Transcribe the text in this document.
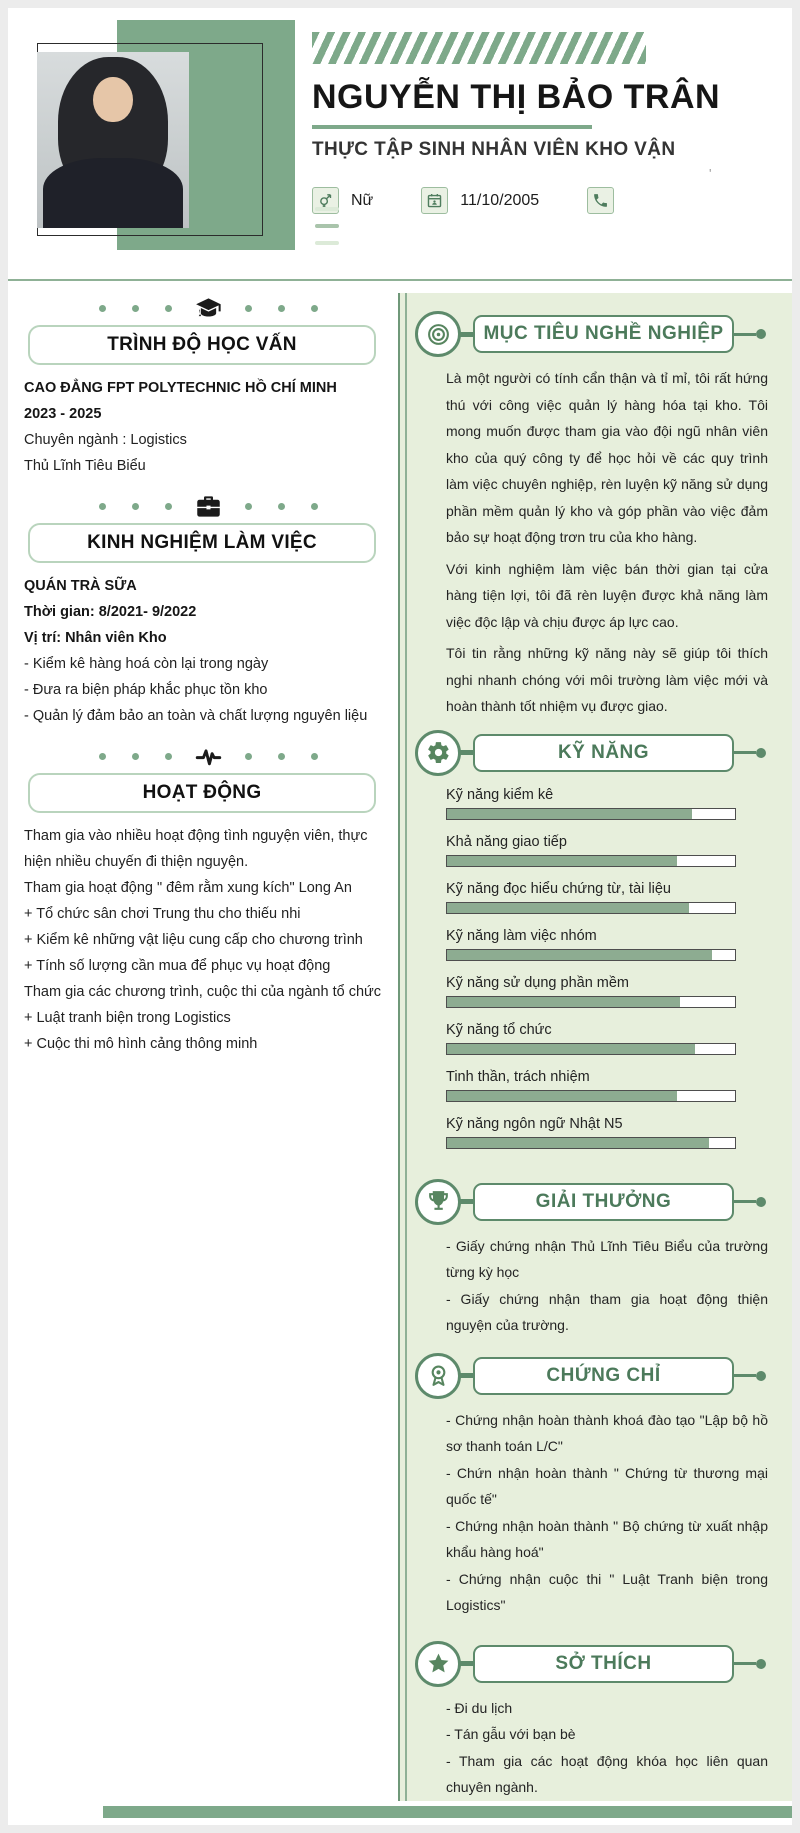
NGUYỄN THỊ BẢO TRÂN
THỰC TẬP SINH NHÂN VIÊN KHO VẬN
Nữ	11/10/2005
'
TRÌNH ĐỘ HỌC VẤN
CAO ĐẲNG FPT POLYTECHNIC HỒ CHÍ MINH
2023 - 2025
Chuyên ngành : Logistics
Thủ Lĩnh Tiêu Biểu
KINH NGHIỆM LÀM VIỆC
QUÁN TRÀ SỮA
Thời gian: 8/2021- 9/2022
Vị trí: Nhân viên Kho
- Kiểm kê hàng hoá còn lại trong ngày
- Đưa ra biện pháp khắc phục tồn kho
- Quản lý đảm bảo an toàn và chất lượng nguyên liệu
HOẠT ĐỘNG
Tham gia vào nhiều hoạt động tình nguyện viên, thực hiện nhiều chuyến đi thiện nguyện.
Tham gia hoạt động " đêm rằm xung kích" Long An
+ Tổ chức sân chơi Trung thu cho thiếu nhi
+ Kiểm kê những vật liệu cung cấp cho chương trình
+ Tính số lượng cần mua để phục vụ hoạt động
Tham gia các chương trình, cuộc thi của ngành tổ chức
+ Luật tranh biện trong Logistics
+ Cuộc thi mô hình cảng thông minh
MỤC TIÊU NGHỀ NGHIỆP

Là một người có tính cẩn thận và tỉ mỉ, tôi rất hứng thú với công việc quản lý hàng hóa tại kho. Tôi mong muốn được tham gia vào đội ngũ nhân viên kho của quý công ty để học hỏi về các quy trình làm việc chuyên nghiệp, rèn luyện kỹ năng sử dụng phần mềm quản lý kho và góp phần vào việc đảm bảo sự hoạt động trơn tru của kho hàng.

Với kinh nghiệm làm việc bán thời gian tại cửa hàng tiện lợi, tôi đã rèn luyện được khả năng làm việc độc lập và chịu được áp lực cao.

Tôi tin rằng những kỹ năng này sẽ giúp tôi thích nghi nhanh chóng với môi trường làm việc mới và hoàn thành tốt nhiệm vụ được giao.

KỸ NĂNG
Kỹ năng kiểm kê
Khả năng giao tiếp
Kỹ năng đọc hiểu chứng từ, tài liệu
Kỹ năng làm việc nhóm
Kỹ năng sử dụng phần mềm
Kỹ năng tổ chức
Tinh thần, trách nhiệm
Kỹ năng ngôn ngữ Nhật N5
GIẢI THƯỞNG
- Giấy chứng nhận Thủ Lĩnh Tiêu Biểu của trường từng kỳ học
- Giấy chứng nhận tham gia hoạt động thiện nguyện của trường.
CHỨNG CHỈ
- Chứng nhận hoàn thành khoá đào tạo "Lập bộ hồ sơ thanh toán L/C"
- Chứn nhận hoàn thành " Chứng từ thương mại quốc tế"
- Chứng nhận hoàn thành " Bộ chứng từ xuất nhập khẩu hàng hoá"
- Chứng nhận cuộc thi " Luật Tranh biện trong Logistics"
SỞ THÍCH
- Đi du lịch
- Tán gẫu với bạn bè
- Tham gia các hoạt động khóa học liên quan chuyên ngành.
